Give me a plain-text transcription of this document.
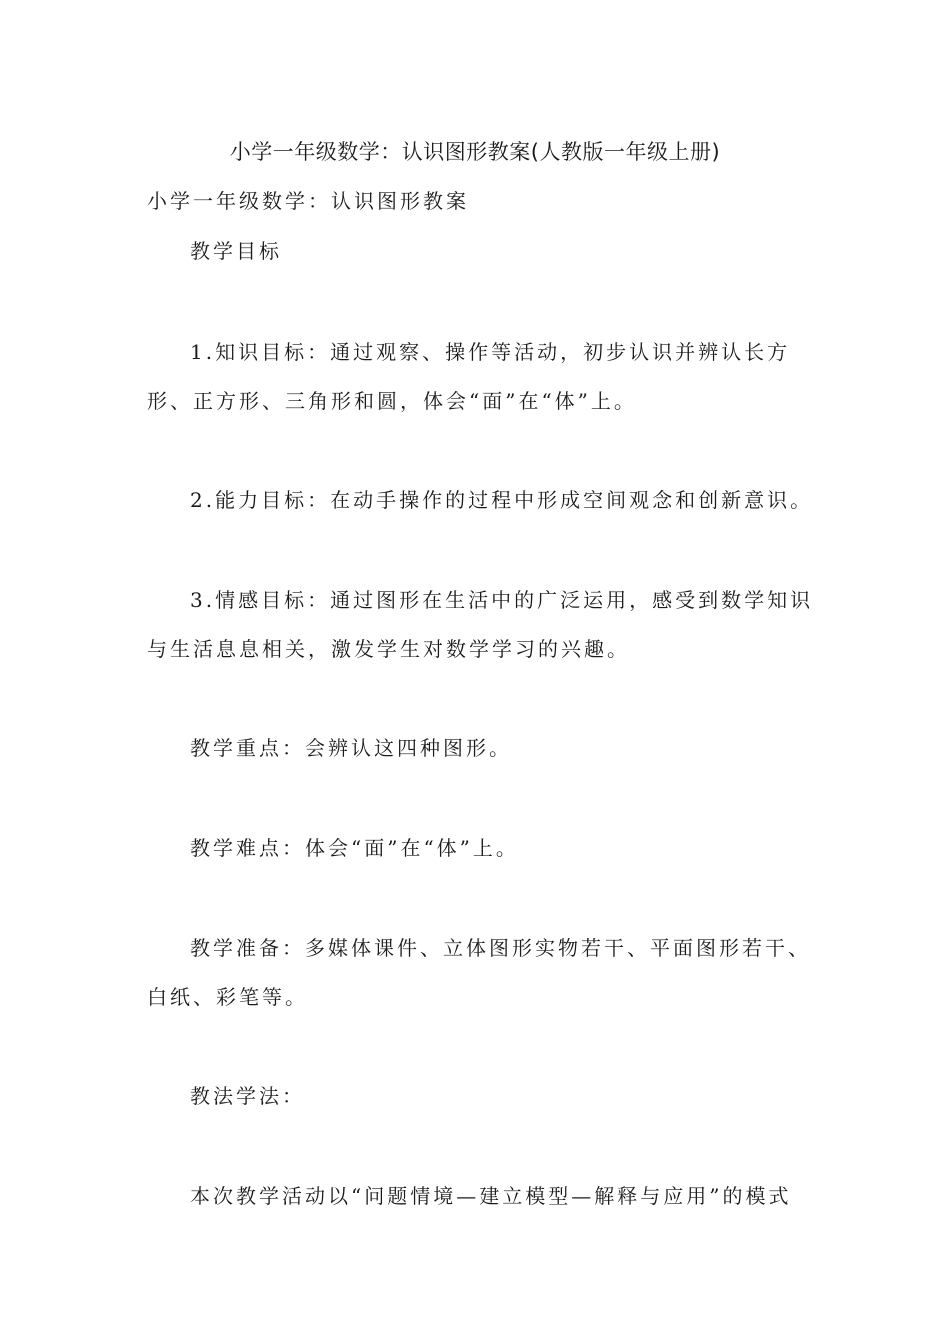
小学一年级数学：认识图形教案(人教版一年级上册)
小学一年级数学：认识图形教案
教学目标
1.知识目标：通过观察、操作等活动，初步认识并辨认长方
形、正方形、三角形和圆，体会“面”在“体”上。
2.能力目标：在动手操作的过程中形成空间观念和创新意识。
3.情感目标：通过图形在生活中的广泛运用，感受到数学知识
与生活息息相关，激发学生对数学学习的兴趣。
教学重点：会辨认这四种图形。
教学难点：体会“面”在“体”上。
教学准备：多媒体课件、立体图形实物若干、平面图形若干、
白纸、彩笔等。
教法学法：
本次教学活动以“问题情境—建立模型—解释与应用”的模式
